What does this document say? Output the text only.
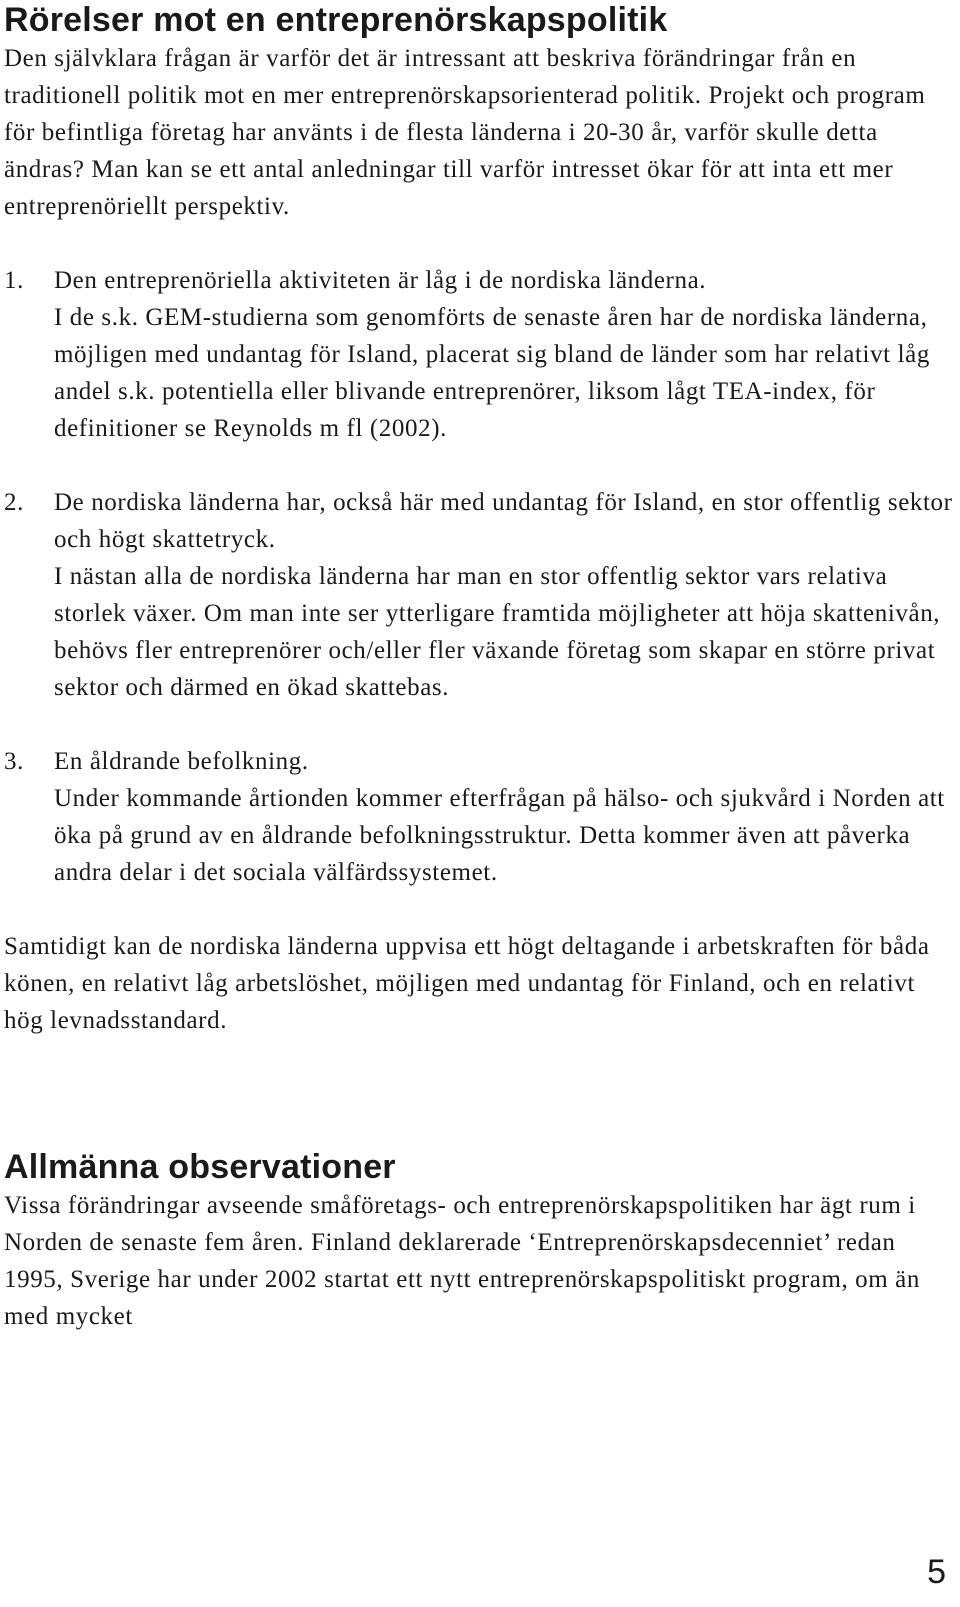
Rörelser mot en entreprenörskapspolitik

Den självklara frågan är varför det är intressant att beskriva förändringar från en traditionell politik mot en mer entreprenörskapsorienterad politik. Projekt och program för befintliga företag har använts i de flesta länderna i 20-30 år, varför skulle detta ändras? Man kan se ett antal anledningar till varför intresset ökar för att inta ett mer entreprenöriellt perspektiv.

1.	Den entreprenöriella aktiviteten är låg i de nordiska länderna.

I de s.k. GEM-studierna som genomförts de senaste åren har de nordiska länderna, möjligen med undantag för Island, placerat sig bland de länder som har relativt låg andel s.k. potentiella eller blivande entreprenörer, liksom lågt TEA-index, för definitioner se Reynolds m fl (2002).

2.	De nordiska länderna har, också här med undantag för Island, en stor offentlig sektor och högt skattetryck.

I nästan alla de nordiska länderna har man en stor offentlig sektor vars relativa storlek växer. Om man inte ser ytterligare framtida möjligheter att höja skattenivån, behövs fler entreprenörer och/eller fler växande företag som skapar en större privat sektor och därmed en ökad skattebas.

3.	En åldrande befolkning.

Under kommande årtionden kommer efterfrågan på hälso- och sjukvård i Norden att öka på grund av en åldrande befolkningsstruktur. Detta kommer även att påverka andra delar i det sociala välfärdssystemet.

Samtidigt kan de nordiska länderna uppvisa ett högt deltagande i arbetskraften för båda könen, en relativt låg arbetslöshet, möjligen med undantag för Finland, och en relativt hög levnadsstandard.

Allmänna observationer

Vissa förändringar avseende småföretags- och entreprenörskapspolitiken har ägt rum i Norden de senaste fem åren. Finland deklarerade ‘Entreprenörskapsdecenniet’ redan 1995, Sverige har under 2002 startat ett nytt entreprenörskapspolitiskt program, om än med mycket

5
